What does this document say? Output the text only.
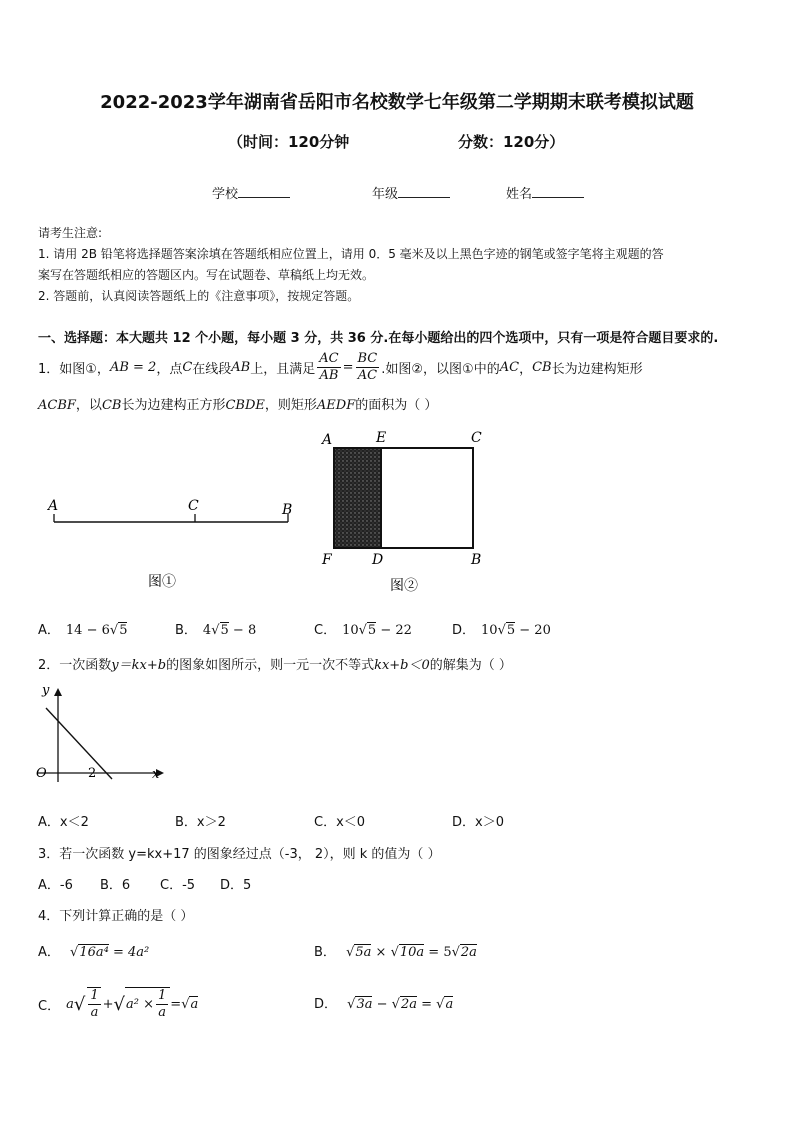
2022-2023学年湖南省岳阳市名校数学七年级第二学期期末联考模拟试题
（时间：120分钟	分数：120分）
学校	年级	姓名
请考生注意:
1. 请用 2B 铅笔将选择题答案涂填在答题纸相应位置上，请用 0．5 毫米及以上黑色字迹的钢笔或签字笔将主观题的答
案写在答题纸相应的答题区内。写在试题卷、草稿纸上均无效。
2. 答题前，认真阅读答题纸上的《注意事项》，按规定答题。
一、选择题：本大题共 12 个小题，每小题 3 分，共 36 分.在每小题给出的四个选项中，只有一项是符合题目要求的.
1．如图①， AB = 2 ，点 C 在线段 AB 上，且满足 $\frac{AC}{AB} = \frac{BC}{AC}$ .如图②，以图①中的 AC ， CB 长为边建构矩形
ACBF，以CB长为边建构正方形CBDE，则矩形AEDF的面积为（ ）
A	C	B
图①
A	E	C
F	D	B
图②
A． 14 − 6√5	B． 4√5 − 8	C． 10√5 − 22	D． 10√5 − 20
2．一次函数y＝kx+b的图象如图所示，则一元一次不等式kx+b＜0的解集为（ ）
y
x
O	2
A．x＜2	B．x＞2	C．x＜0	D．x＞0
3．若一次函数 y=kx+17 的图象经过点（-3， 2），则 k 的值为（ ）
A．-6 B．6 C．-5 D．5
4．下列计算正确的是（ ）
A． √16a⁴ = 4a²	B． √5a × √10a = 5√2a
C． a √ $\frac{1}{a}$ + √ $a^2 \times \frac{1}{a}$ = √ a	D． √3a − √2a = √a
